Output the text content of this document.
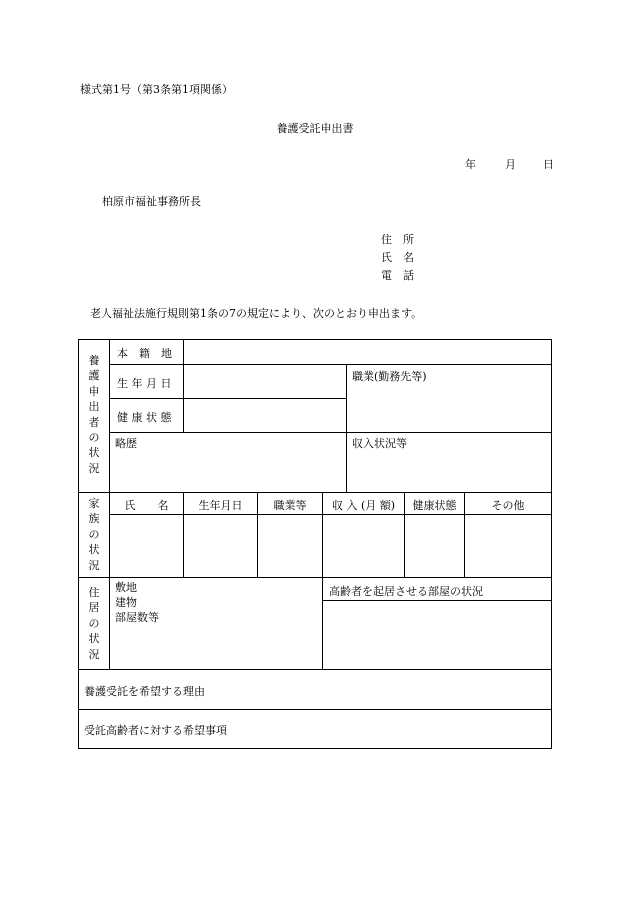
様式第1号（第3条第1項関係）
養護受託申出書
年	月 日
柏原市福祉事務所長
住 所
氏 名
電 話
老人福祉法施行規則第1条の7の規定により、次のとおり申出ます。
養
護
申
出
者
の
状
況
本　籍　地
生 年 月 日
健 康 状 態
職業(勤務先等)
略歴	収入状況等
家
族
の
状
況
氏　　名	生年月日	職業等	収 入 (月 額)	健康状態	その他
住
居
の
状
況
敷地
建物
部屋数等
高齢者を起居させる部屋の状況
養護受託を希望する理由
受託高齢者に対する希望事項
